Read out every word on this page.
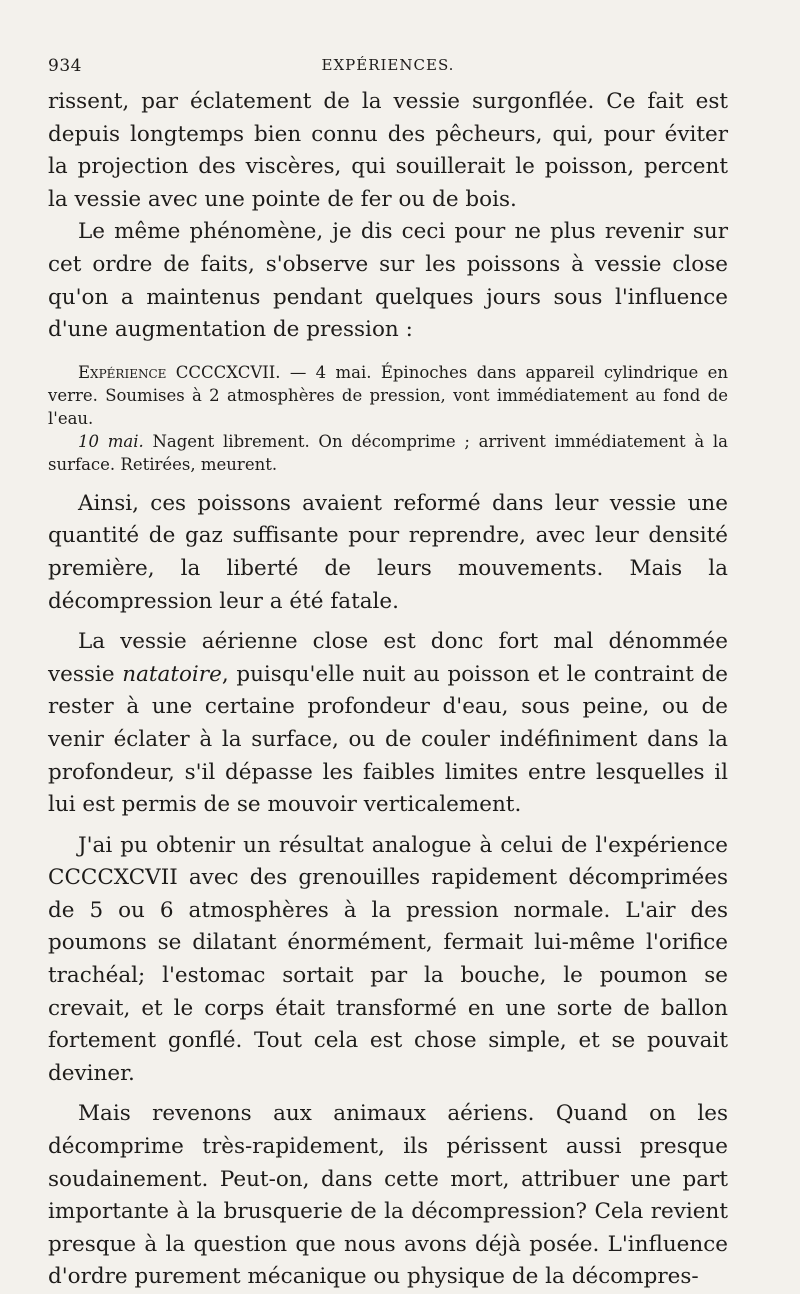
934	EXPÉRIENCES.

rissent, par éclatement de la vessie surgonflée. Ce fait est depuis longtemps bien connu des pêcheurs, qui, pour éviter la projection des viscères, qui souillerait le poisson, percent la vessie avec une pointe de fer ou de bois.

Le même phénomène, je dis ceci pour ne plus revenir sur cet ordre de faits, s'observe sur les poissons à vessie close qu'on a maintenus pendant quelques jours sous l'influence d'une augmentation de pression :

Expérience CCCCXCVII. — 4 mai. Épinoches dans appareil cylindrique en verre. Soumises à 2 atmosphères de pression, vont immédiatement au fond de l'eau.

10 mai. Nagent librement. On décomprime ; arrivent immédiatement à la surface. Retirées, meurent.

Ainsi, ces poissons avaient reformé dans leur vessie une quantité de gaz suffisante pour reprendre, avec leur densité première, la liberté de leurs mouvements. Mais la décompression leur a été fatale.

La vessie aérienne close est donc fort mal dénommée vessie natatoire, puisqu'elle nuit au poisson et le contraint de rester à une certaine profondeur d'eau, sous peine, ou de venir éclater à la surface, ou de couler indéfiniment dans la profondeur, s'il dépasse les faibles limites entre lesquelles il lui est permis de se mouvoir verticalement.

J'ai pu obtenir un résultat analogue à celui de l'expérience CCCCXCVII avec des grenouilles rapidement décomprimées de 5 ou 6 atmosphères à la pression normale. L'air des poumons se dilatant énormément, fermait lui-même l'orifice trachéal; l'estomac sortait par la bouche, le poumon se crevait, et le corps était transformé en une sorte de ballon fortement gonflé. Tout cela est chose simple, et se pouvait deviner.

Mais revenons aux animaux aériens. Quand on les décomprime très-rapidement, ils périssent aussi presque soudainement. Peut-on, dans cette mort, attribuer une part importante à la brusquerie de la décompression? Cela revient presque à la question que nous avons déjà posée. L'influence d'ordre purement mécanique ou physique de la décompres-
